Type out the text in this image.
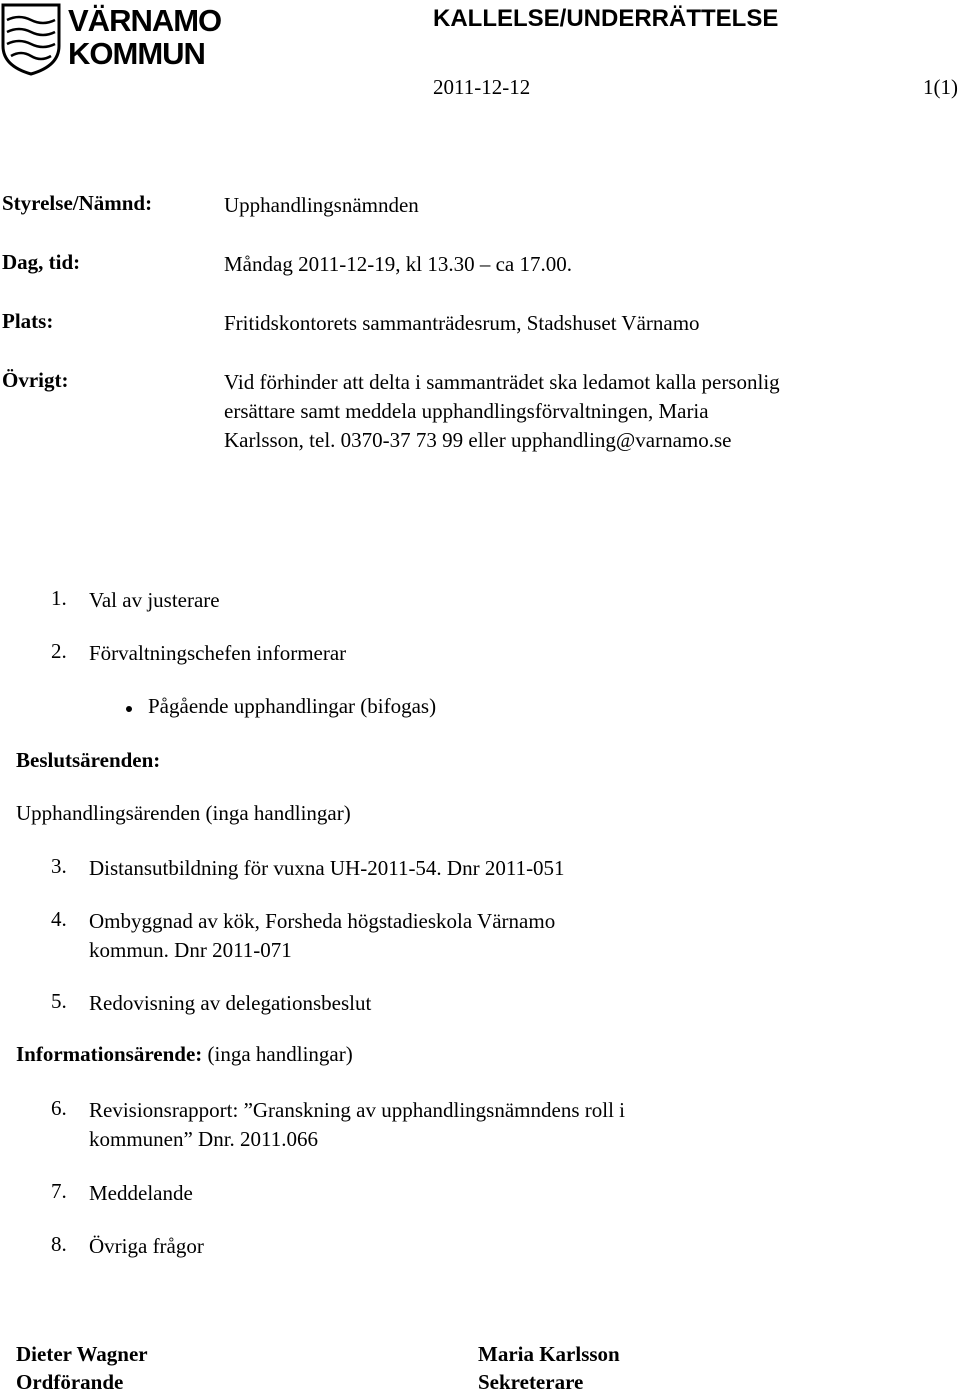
VÄRNAMO
KOMMUN
KALLELSE/UNDERRÄTTELSE
2011-12-12	1(1)
Styrelse/Nämnd:	Upphandlingsnämnden
Dag, tid:	Måndag 2011-12-19, kl 13.30 – ca 17.00.
Plats:	Fritidskontorets sammanträdesrum, Stadshuset Värnamo
Övrigt:	Vid förhinder att delta i sammanträdet ska ledamot kalla personlig
ersättare samt meddela upphandlingsförvaltningen, Maria
Karlsson, tel. 0370-37 73 99 eller upphandling@varnamo.se
1. Val av justerare
2. Förvaltningschefen informerar
Pågående upphandlingar (bifogas)
Beslutsärenden:
Upphandlingsärenden (inga handlingar)
3. Distansutbildning för vuxna UH-2011-54. Dnr 2011-051
4. Ombyggnad av kök, Forsheda högstadieskola Värnamo
kommun. Dnr 2011-071
5. Redovisning av delegationsbeslut
Informationsärende: (inga handlingar)
6. Revisionsrapport: ”Granskning av upphandlingsnämndens roll i
kommunen” Dnr. 2011.066
7. Meddelande
8. Övriga frågor
Dieter Wagner
Ordförande
Maria Karlsson
Sekreterare
